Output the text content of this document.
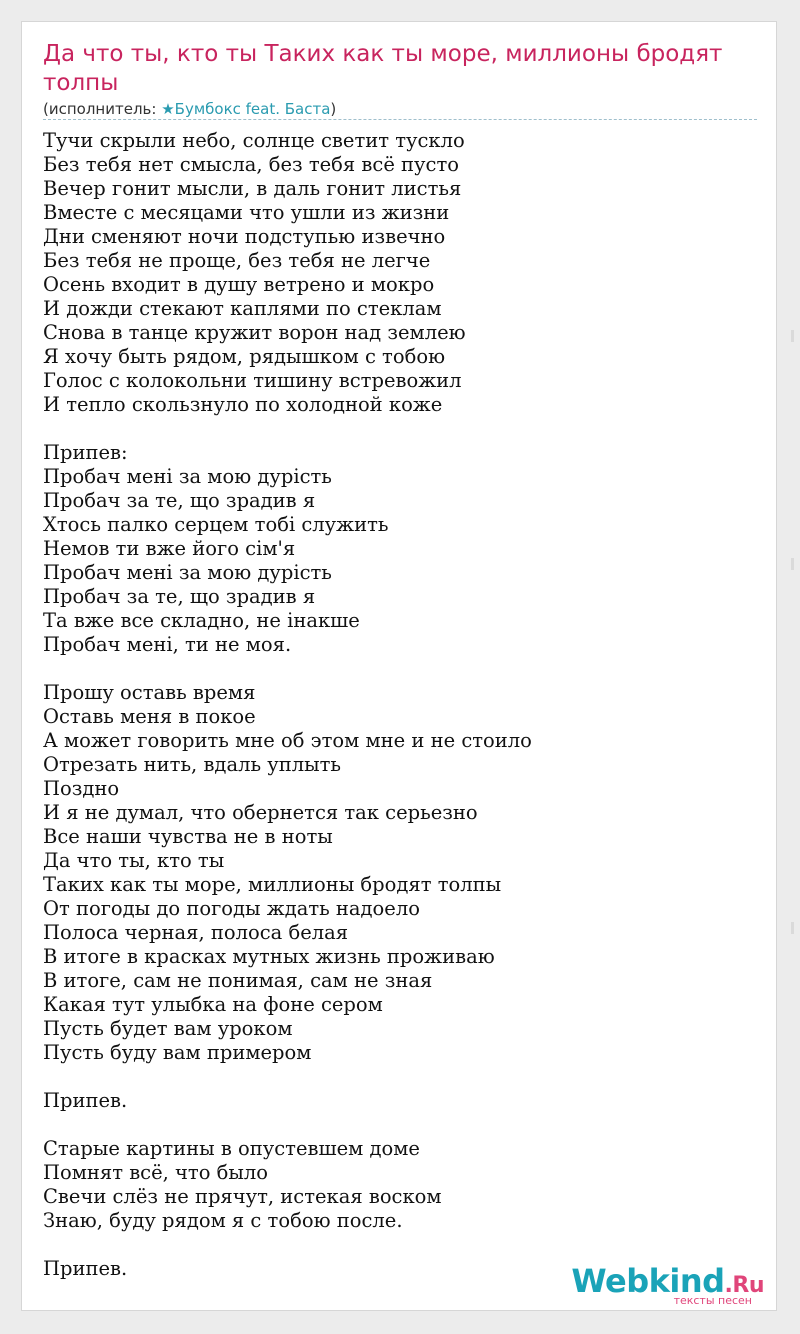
Да что ты, кто ты Таких как ты море, миллионы бродят толпы
(исполнитель: ★Бумбокс feat. Баста)
Тучи скрыли небо, солнце светит тускло
Без тебя нет смысла, без тебя всё пусто
Вечер гонит мысли, в даль гонит листья
Вместе с месяцами что ушли из жизни
Дни сменяют ночи подступью извечно
Без тебя не проще, без тебя не легче
Осень входит в душу ветрено и мокро
И дожди стекают каплями по стеклам
Снова в танце кружит ворон над землею
Я хочу быть рядом, рядышком с тобою
Голос с колокольни тишину встревожил
И тепло скользнуло по холодной коже
Припев:
Пробач мені за мою дурість
Пробач за те, що зрадив я
Хтось палко серцем тобі служить
Немов ти вже його сім'я
Пробач мені за мою дурість
Пробач за те, що зрадив я
Та вже все складно, не інакше
Пробач мені, ти не моя.
Прошу оставь время
Оставь меня в покое
А может говорить мне об этом мне и не стоило
Отрезать нить, вдаль уплыть
Поздно
И я не думал, что обернется так серьезно
Все наши чувства не в ноты
Да что ты, кто ты
Таких как ты море, миллионы бродят толпы
От погоды до погоды ждать надоело
Полоса черная, полоса белая
В итоге в красках мутных жизнь проживаю
В итоге, сам не понимая, сам не зная
Какая тут улыбка на фоне сером
Пусть будет вам уроком
Пусть буду вам примером
Припев.
Старые картины в опустевшем доме
Помнят всё, что было
Свечи слёз не прячут, истекая воском
Знаю, буду рядом я с тобою после.
Припев.	Webkind.Ru
тексты песен
